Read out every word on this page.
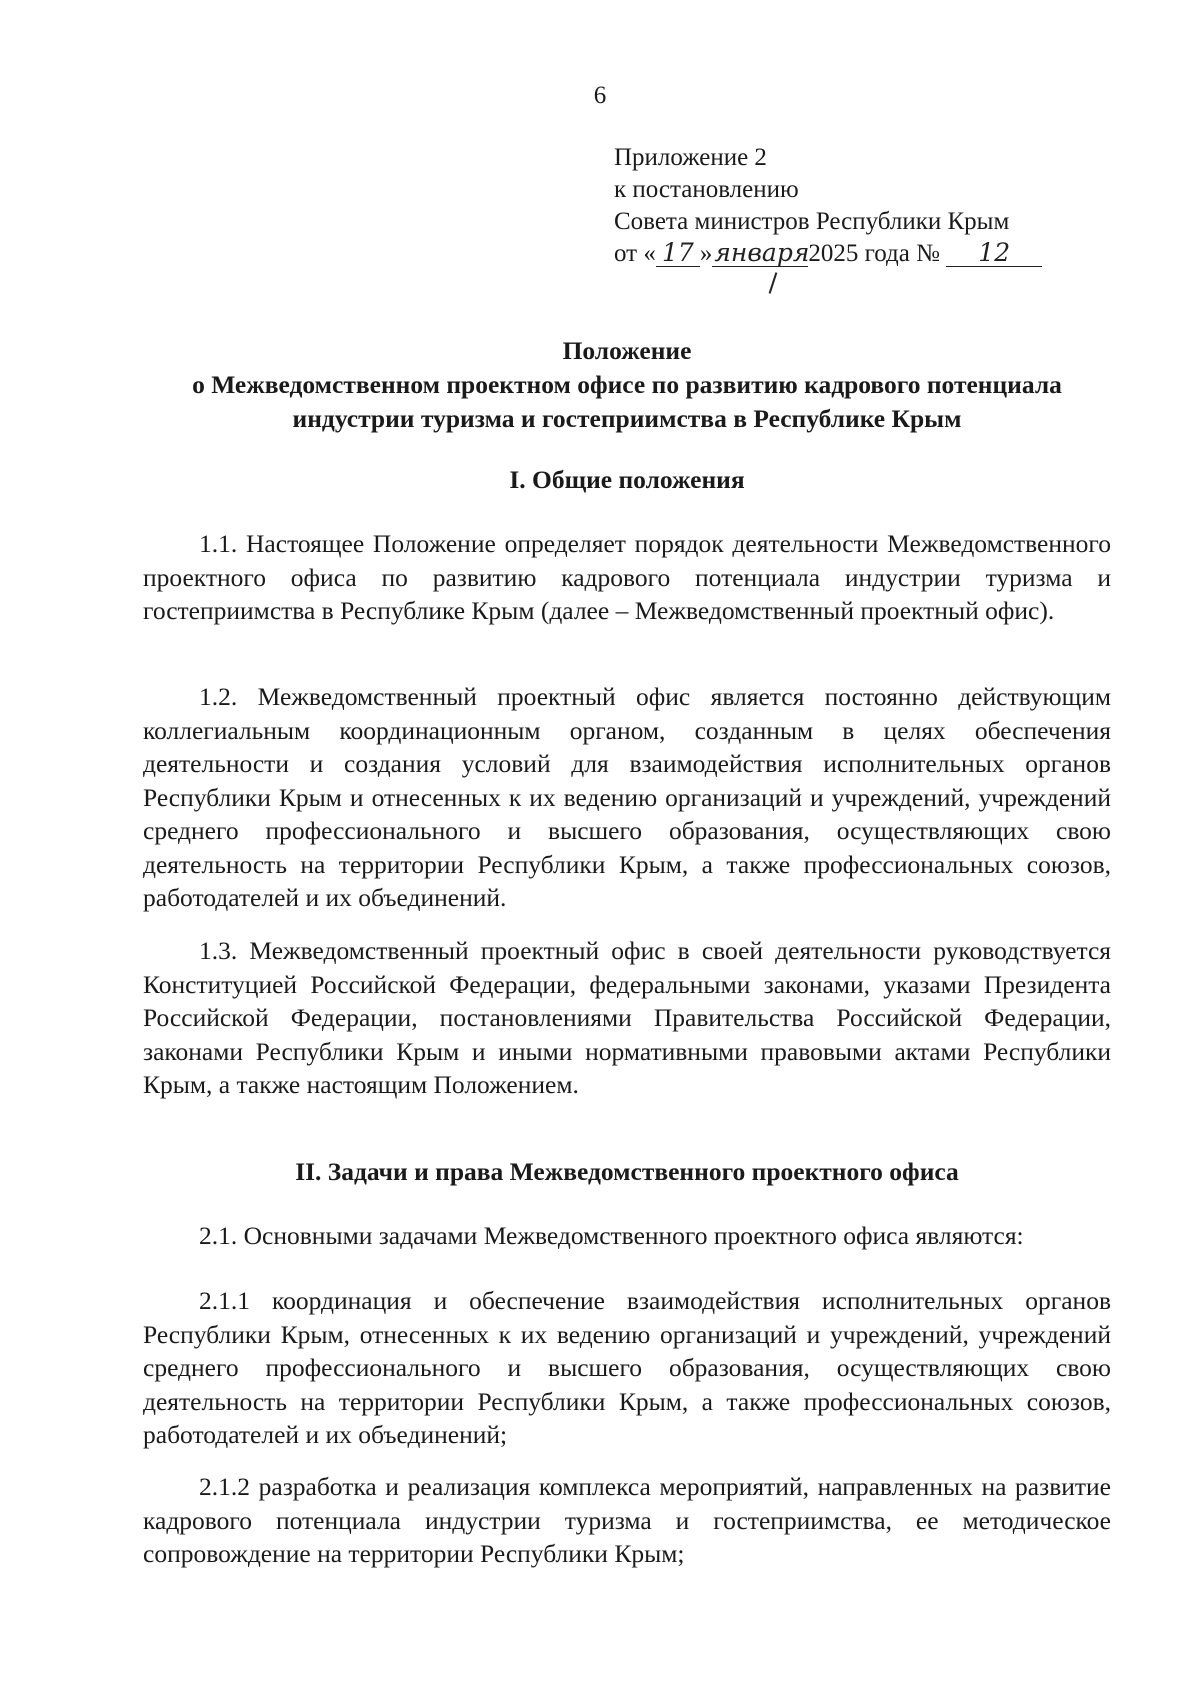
6
Приложение 2
к постановлению
Совета министров Республики Крым
от « 17 »января2025 года № 12
Положение
о Межведомственном проектном офисе по развитию кадрового потенциала
индустрии туризма и гостеприимства в Республике Крым
I. Общие положения
1.1. Настоящее Положение определяет порядок деятельности Межведомственного проектного офиса по развитию кадрового потенциала индустрии туризма и гостеприимства в Республике Крым (далее – Межведомственный проектный офис).
1.2. Межведомственный проектный офис является постоянно действующим коллегиальным координационным органом, созданным в целях обеспечения деятельности и создания условий для взаимодействия исполнительных органов Республики Крым и отнесенных к их ведению организаций и учреждений, учреждений среднего профессионального и высшего образования, осуществляющих свою деятельность на территории Республики Крым, а также профессиональных союзов, работодателей и их объединений.
1.3. Межведомственный проектный офис в своей деятельности руководствуется Конституцией Российской Федерации, федеральными законами, указами Президента Российской Федерации, постановлениями Правительства Российской Федерации, законами Республики Крым и иными нормативными правовыми актами Республики Крым, а также настоящим Положением.
II. Задачи и права Межведомственного проектного офиса
2.1. Основными задачами Межведомственного проектного офиса являются:
2.1.1 координация и обеспечение взаимодействия исполнительных органов Республики Крым, отнесенных к их ведению организаций и учреждений, учреждений среднего профессионального и высшего образования, осуществляющих свою деятельность на территории Республики Крым, а также профессиональных союзов, работодателей и их объединений;
2.1.2 разработка и реализация комплекса мероприятий, направленных на развитие кадрового потенциала индустрии туризма и гостеприимства, ее методическое сопровождение на территории Республики Крым;
